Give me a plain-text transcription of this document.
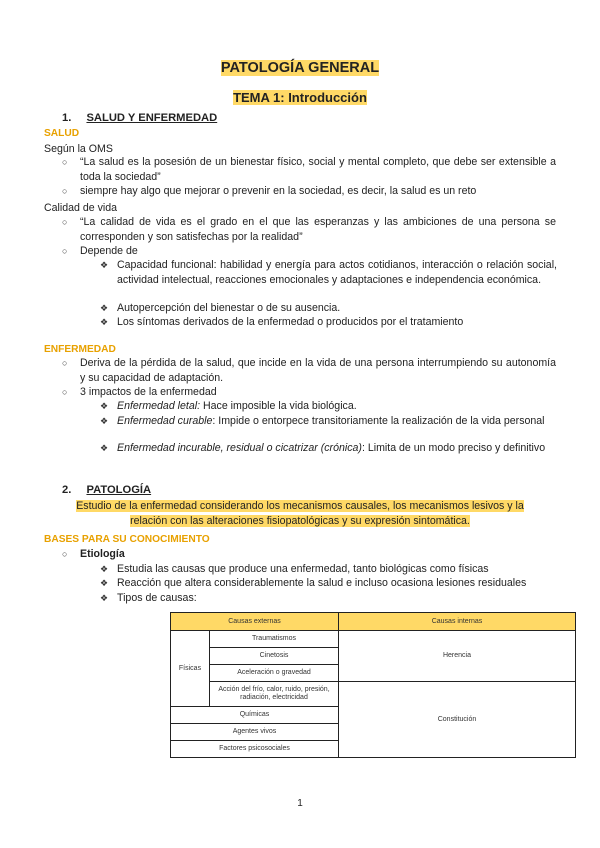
PATOLOGÍA GENERAL
TEMA 1: Introducción
1. SALUD Y ENFERMEDAD
SALUD
Según la OMS
○ “La salud es la posesión de un bienestar físico, social y mental completo, que debe ser extensible a toda la sociedad”
○ siempre hay algo que mejorar o prevenir en la sociedad, es decir, la salud es un reto
Calidad de vida
○ “La calidad de vida es el grado en el que las esperanzas y las ambiciones de una persona se corresponden y son satisfechas por la realidad”
○ Depende de
❖ Capacidad funcional: habilidad y energía para actos cotidianos, interacción o relación social, actividad intelectual, reacciones emocionales y adaptaciones e independencia económica.
❖ Autopercepción del bienestar o de su ausencia.
❖ Los síntomas derivados de la enfermedad o producidos por el tratamiento
ENFERMEDAD
○ Deriva de la pérdida de la salud, que incide en la vida de una persona interrumpiendo su autonomía y su capacidad de adaptación.
○ 3 impactos de la enfermedad
❖ Enfermedad letal: Hace imposible la vida biológica.
❖ Enfermedad curable: Impide o entorpece transitoriamente la realización de la vida personal
❖ Enfermedad incurable, residual o cicatrizar (crónica): Limita de un modo preciso y definitivo
2. PATOLOGÍA
Estudio de la enfermedad considerando los mecanismos causales, los mecanismos lesivos y la
relación con las alteraciones fisiopatológicas y su expresión sintomática.
BASES PARA SU CONOCIMIENTO
○ Etiología
❖ Estudia las causas que produce una enfermedad, tanto biológicas como físicas
❖ Reacción que altera considerablemente la salud e incluso ocasiona lesiones residuales
❖ Tipos de causas:
Causas externas		Causas internas
Físicas	Traumatismos	Herencia
	Cinetosis	
	Aceleración o gravedad	
	Acción del frío, calor, ruido, presión, radiación, electricidad	Constitución
Químicas		
Agentes vivos		
Factores psicosociales		
1
